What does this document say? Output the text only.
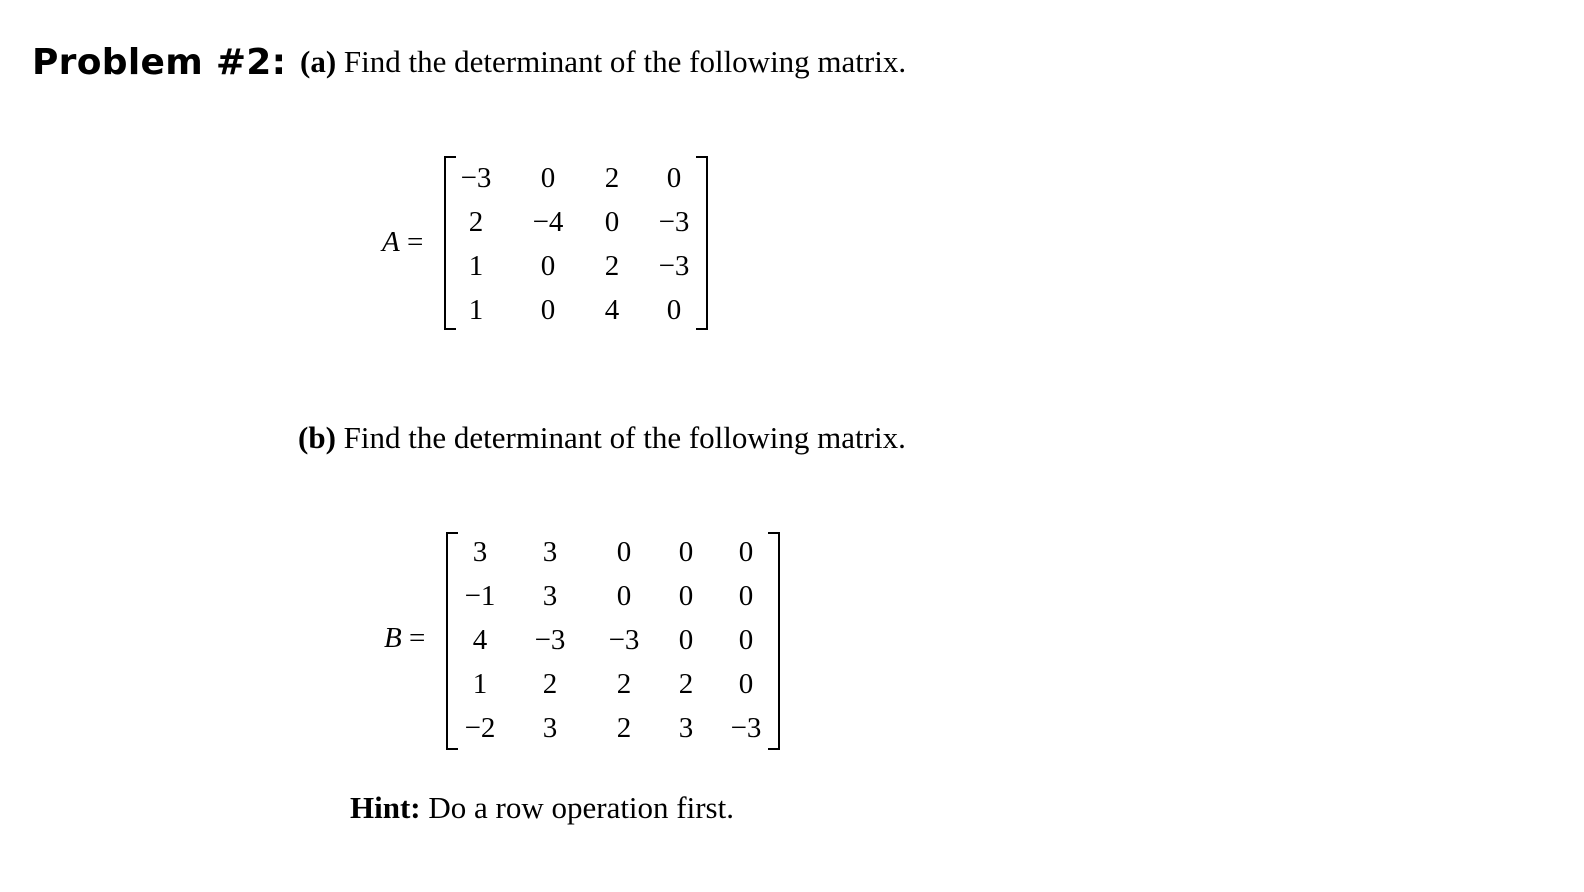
Problem #2: (a) Find the determinant of the following matrix.
A =
−3	0	2	0
2	−4	0	−3
1	0	2	−3
1	0	4	0
(b) Find the determinant of the following matrix.
B =
3	3	0	0	0
−1	3	0	0	0
4	−3	−3	0	0
1	2	2	2	0
−2	3	2	3	−3
Hint: Do a row operation first.
